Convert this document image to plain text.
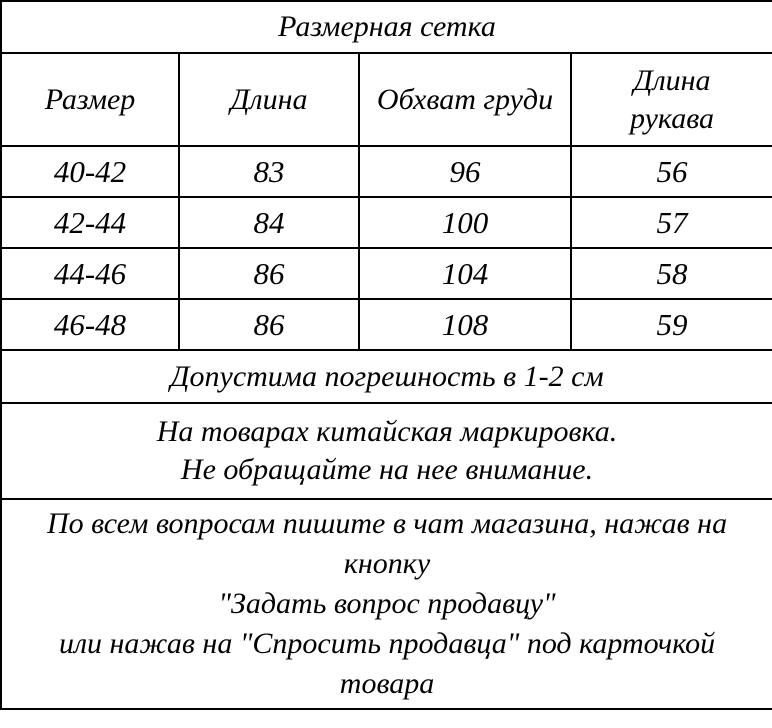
Размерная сетка			

Размер	Длина	Обхват груди	Длина
рукава

40-42	83	96	56
42-44	84	100	57
44-46	86	104	58
46-48	86	108	59
Допустима погрешность в 1-2 см			

На товарах китайская маркировка.
Не обращайте на нее внимание.			

По всем вопросам пишите в чат магазина, нажав на
кнопку
"Задать вопрос продавцу"
или нажав на "Спросить продавца" под карточкой
товара			
